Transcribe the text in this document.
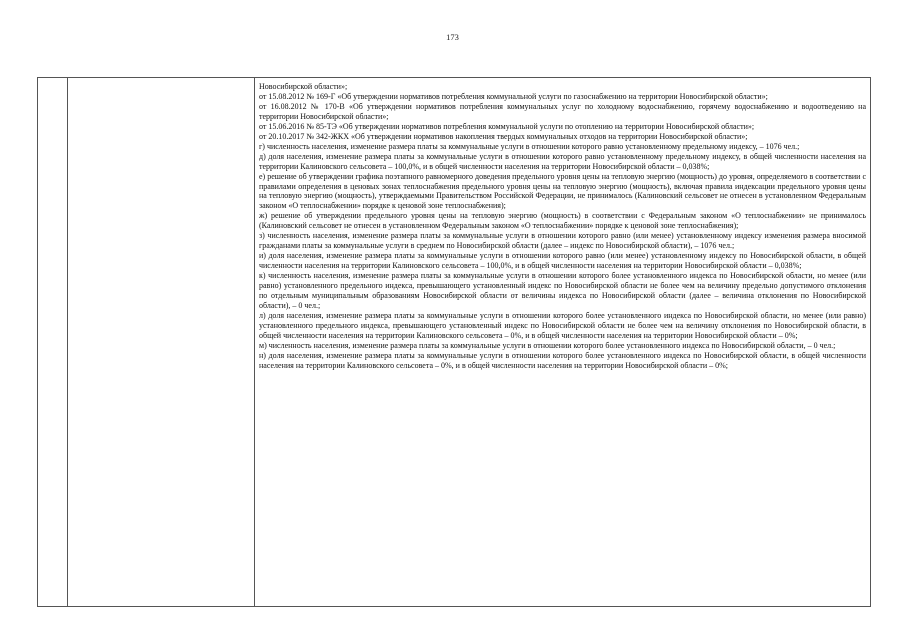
173

Новосибирской области»;

от 15.08.2012 № 169-Г «Об утверждении нормативов потребления коммунальной услуги по газоснабжению на территории Новосибирской области»;

от 16.08.2012 № 170-В «Об утверждении нормативов потребления коммунальных услуг по холодному водоснабжению, горячему водоснабжению и водоотведению на территории Новосибирской области»;

от 15.06.2016 № 85-ТЭ «Об утверждении нормативов потребления коммунальной услуги по отоплению на территории Новосибирской области»;

от 20.10.2017 № 342-ЖКХ «Об утверждении нормативов накопления твердых коммунальных отходов на территории Новосибирской области»;

г) численность населения, изменение размера платы за коммунальные услуги в отношении которого равно установленному предельному индексу, – 1076 чел.;

д) доля населения, изменение размера платы за коммунальные услуги в отношении которого равно установленному предельному индексу, в общей численности населения на территории Калиновского сельсовета – 100,0%, и в общей численности населения на территории Новосибирской области – 0,038%;

е) решение об утверждении графика поэтапного равномерного доведения предельного уровня цены на тепловую энергию (мощность) до уровня, определяемого в соответствии с правилами определения в ценовых зонах теплоснабжения предельного уровня цены на тепловую энергию (мощность), включая правила индексации предельного уровня цены на тепловую энергию (мощность), утверждаемыми Правительством Российской Федерации, не принималось (Калиновский сельсовет не отнесен в установленном Федеральным законом «О теплоснабжении» порядке к ценовой зоне теплоснабжения);

ж) решение об утверждении предельного уровня цены на тепловую энергию (мощность) в соответствии с Федеральным законом «О теплоснабжении» не принималось (Калиновский сельсовет не отнесен в установленном Федеральным законом «О теплоснабжении» порядке к ценовой зоне теплоснабжения);

з) численность населения, изменение размера платы за коммунальные услуги в отношении которого равно (или менее) установленному индексу изменения размера вносимой гражданами платы за коммунальные услуги в среднем по Новосибирской области (далее – индекс по Новосибирской области), – 1076 чел.;

и) доля населения, изменение размера платы за коммунальные услуги в отношении которого равно (или менее) установленному индексу по Новосибирской области, в общей численности населения на территории Калиновского сельсовета – 100,0%, и в общей численности населения на территории Новосибирской области – 0,038%;

к) численность населения, изменение размера платы за коммунальные услуги в отношении которого более установленного индекса по Новосибирской области, но менее (или равно) установленного предельного индекса, превышающего установленный индекс по Новосибирской области не более чем на величину предельно допустимого отклонения по отдельным муниципальным образованиям Новосибирской области от величины индекса по Новосибирской области (далее – величина отклонения по Новосибирской области), – 0 чел.;

л) доля населения, изменение размера платы за коммунальные услуги в отношении которого более установленного индекса по Новосибирской области, но менее (или равно) установленного предельного индекса, превышающего установленный индекс по Новосибирской области не более чем на величину отклонения по Новосибирской области, в общей численности населения на территории Калиновского сельсовета – 0%, и в общей численности населения на территории Новосибирской области – 0%;

м) численность населения, изменение размера платы за коммунальные услуги в отношении которого более установленного индекса по Новосибирской области, – 0 чел.;

н) доля населения, изменение размера платы за коммунальные услуги в отношении которого более установленного индекса по Новосибирской области, в общей численности населения на территории Калиновского сельсовета – 0%, и в общей численности населения на территории Новосибирской области – 0%;
